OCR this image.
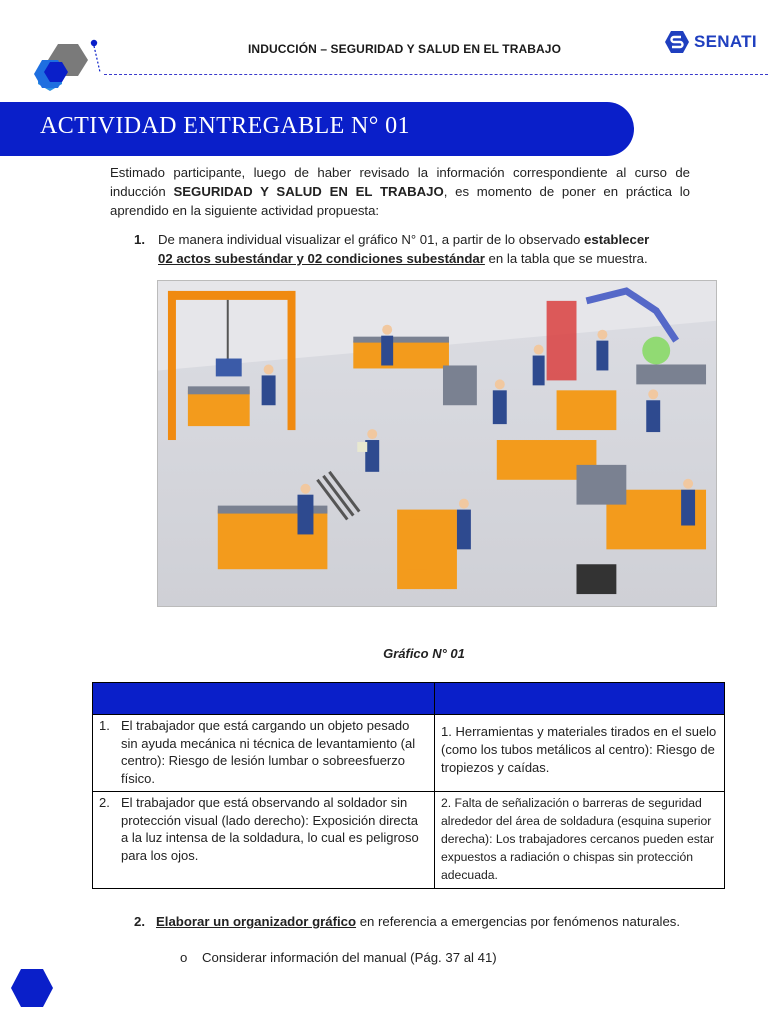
INDUCCIÓN – SEGURIDAD Y SALUD EN EL TRABAJO	SENATI
ACTIVIDAD ENTREGABLE N° 01

Estimado participante, luego de haber revisado la información correspondiente al curso de inducción SEGURIDAD Y SALUD EN EL TRABAJO, es momento de poner en práctica lo aprendido en la siguiente actividad propuesta:

1. De manera individual visualizar el gráfico N° 01, a partir de lo observado establecer
02 actos subestándar y 02 condiciones subestándar en la tabla que se muestra.
Gráfico N° 01

1. El trabajador que está cargando un objeto pesado sin ayuda mecánica ni técnica de levantamiento (al centro): Riesgo de lesión lumbar o sobreesfuerzo físico.	1. Herramientas y materiales tirados en el suelo (como los tubos metálicos al centro): Riesgo de tropiezos y caídas.
2. El trabajador que está observando al soldador sin protección visual (lado derecho): Exposición directa a la luz intensa de la soldadura, lo cual es peligroso para los ojos.	2. Falta de señalización o barreras de seguridad alrededor del área de soldadura (esquina superior derecha): Los trabajadores cercanos pueden estar expuestos a radiación o chispas sin protección adecuada.
2. Elaborar un organizador gráfico en referencia a emergencias por fenómenos naturales.
o Considerar información del manual (Pág. 37 al 41)
